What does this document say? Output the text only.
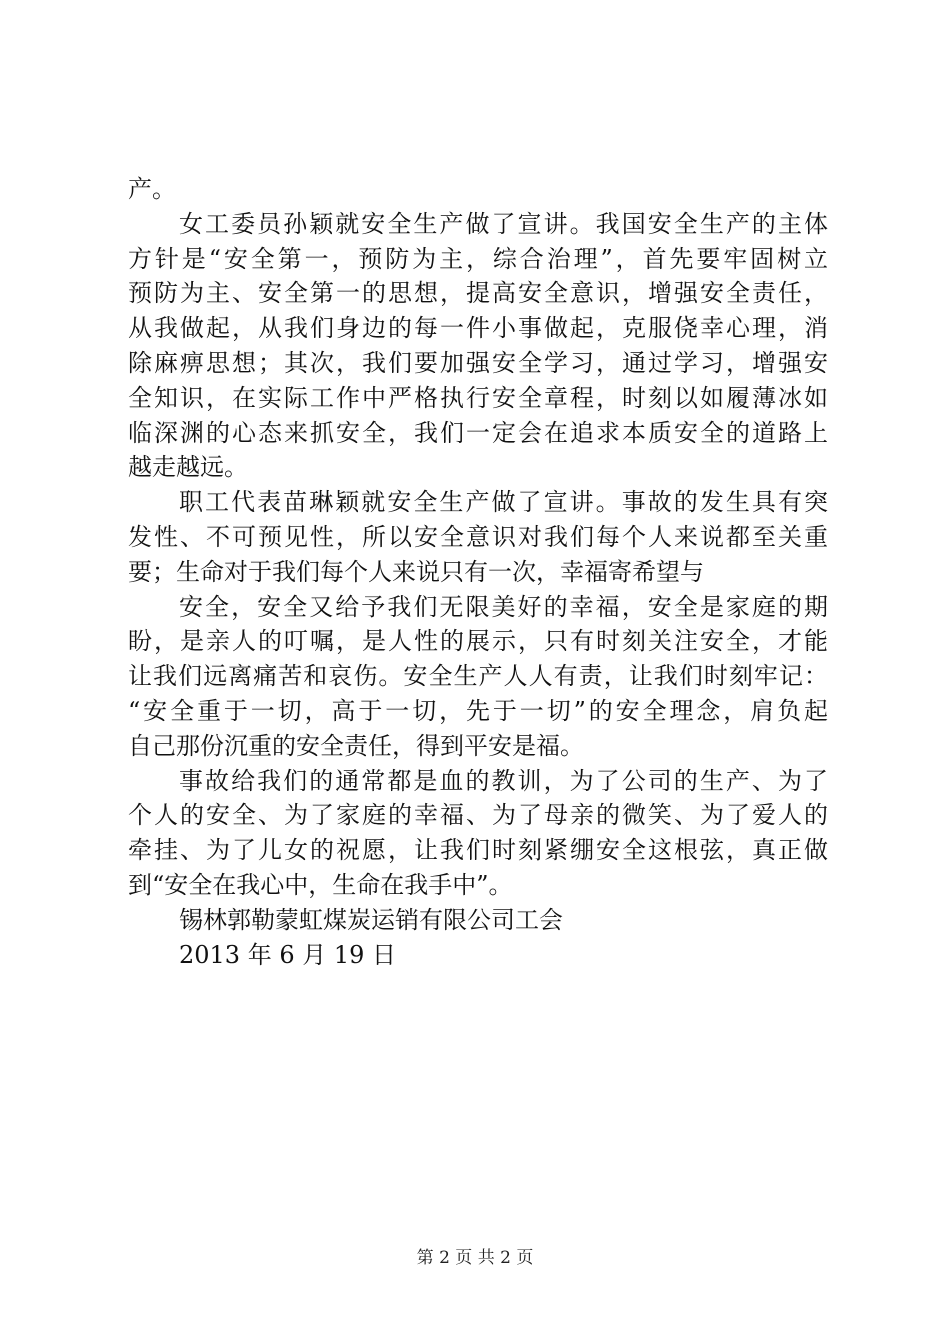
产。
女工委员孙颖就安全生产做了宣讲。我国安全生产的主体
方针是“安全第一，预防为主，综合治理”，首先要牢固树立
预防为主、安全第一的思想，提高安全意识，增强安全责任，
从我做起，从我们身边的每一件小事做起，克服侥幸心理，消
除麻痹思想；其次，我们要加强安全学习，通过学习，增强安
全知识，在实际工作中严格执行安全章程，时刻以如履薄冰如
临深渊的心态来抓安全，我们一定会在追求本质安全的道路上
越走越远。
职工代表苗琳颖就安全生产做了宣讲。事故的发生具有突
发性、不可预见性，所以安全意识对我们每个人来说都至关重
要；生命对于我们每个人来说只有一次，幸福寄希望与
安全，安全又给予我们无限美好的幸福，安全是家庭的期
盼，是亲人的叮嘱，是人性的展示，只有时刻关注安全，才能
让我们远离痛苦和哀伤。安全生产人人有责，让我们时刻牢记：
“安全重于一切，高于一切，先于一切”的安全理念，肩负起
自己那份沉重的安全责任，得到平安是福。
事故给我们的通常都是血的教训，为了公司的生产、为了
个人的安全、为了家庭的幸福、为了母亲的微笑、为了爱人的
牵挂、为了儿女的祝愿，让我们时刻紧绷安全这根弦，真正做
到“安全在我心中，生命在我手中”。
锡林郭勒蒙虹煤炭运销有限公司工会
2013 年 6 月 19 日
第 2 页 共 2 页
